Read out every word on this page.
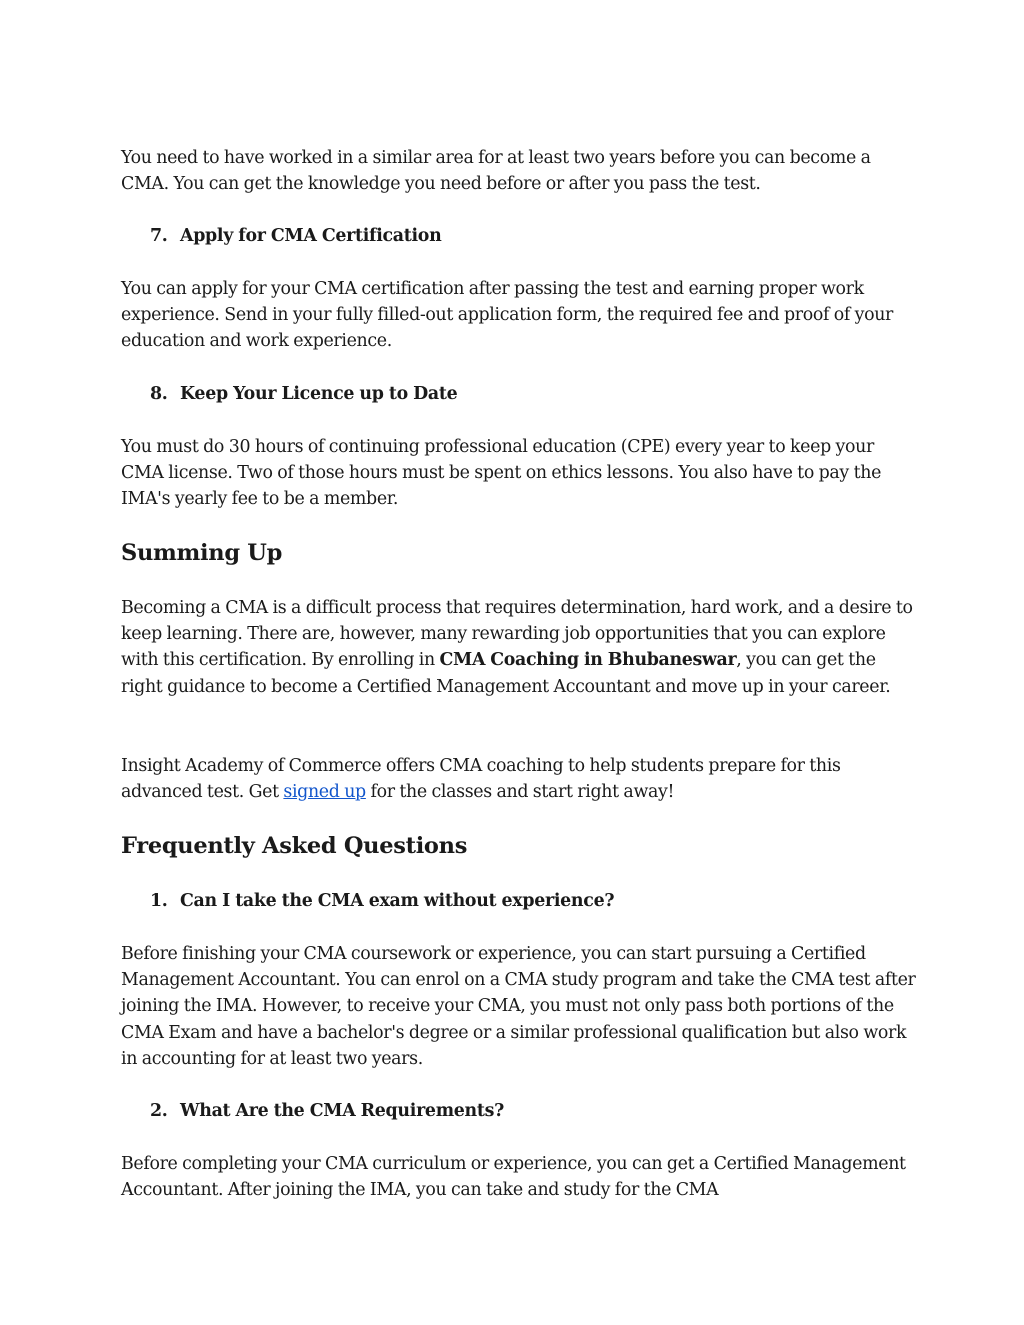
You need to have worked in a similar area for at least two years before you can become a CMA. You can get the knowledge you need before or after you pass the test.

7. Apply for CMA Certification

You can apply for your CMA certification after passing the test and earning proper work experience. Send in your fully filled-out application form, the required fee and proof of your education and work experience.

8. Keep Your Licence up to Date

You must do 30 hours of continuing professional education (CPE) every year to keep your CMA license. Two of those hours must be spent on ethics lessons. You also have to pay the IMA's yearly fee to be a member.

Summing Up

Becoming a CMA is a difficult process that requires determination, hard work, and a desire to keep learning. There are, however, many rewarding job opportunities that you can explore with this certification. By enrolling in CMA Coaching in Bhubaneswar, you can get the right guidance to become a Certified Management Accountant and move up in your career.

Insight Academy of Commerce offers CMA coaching to help students prepare for this advanced test. Get signed up for the classes and start right away!

Frequently Asked Questions
1. Can I take the CMA exam without experience?

Before finishing your CMA coursework or experience, you can start pursuing a Certified Management Accountant. You can enrol on a CMA study program and take the CMA test after joining the IMA. However, to receive your CMA, you must not only pass both portions of the CMA Exam and have a bachelor's degree or a similar professional qualification but also work in accounting for at least two years.

2. What Are the CMA Requirements?

Before completing your CMA curriculum or experience, you can get a Certified Management Accountant. After joining the IMA, you can take and study for the CMA
